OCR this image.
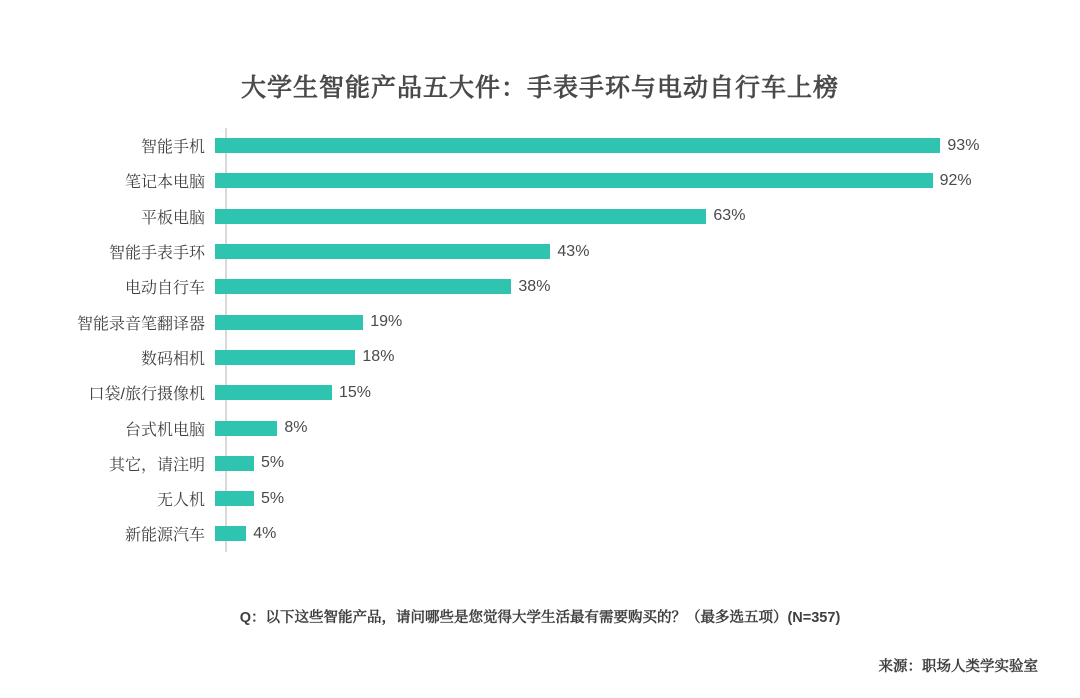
大学生智能产品五大件：手表手环与电动自行车上榜
智能手机	93%
笔记本电脑	92%
平板电脑	63%
智能手表手环	43%
电动自行车	38%
智能录音笔翻译器	19%
数码相机	18%
口袋/旅行摄像机	15%
台式机电脑	8%
其它，请注明	5%
无人机	5%
新能源汽车	4%
Q：以下这些智能产品，请问哪些是您觉得大学生活最有需要购买的？（最多选五项）(N=357)
来源：职场人类学实验室
